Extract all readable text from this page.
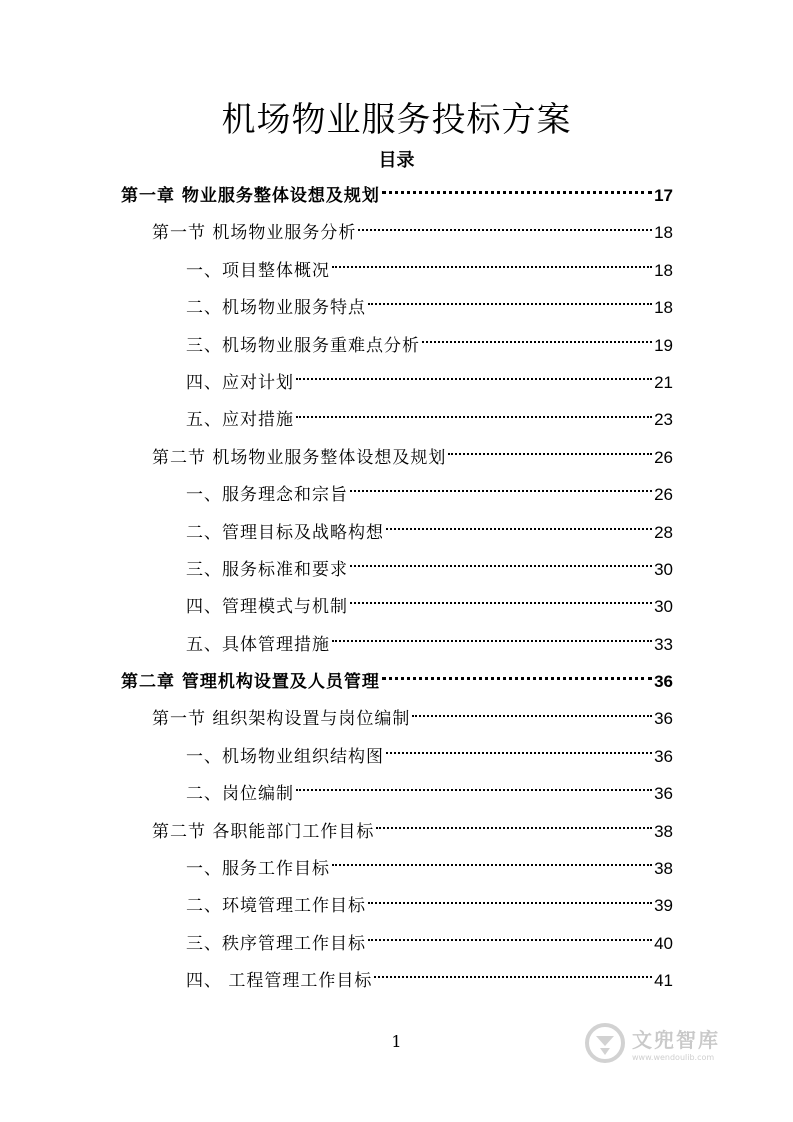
机场物业服务投标方案
目录
第一章 物业服务整体设想及规划	17
第一节 机场物业服务分析	18
一、项目整体概况	18
二、机场物业服务特点	18
三、机场物业服务重难点分析	19
四、应对计划	21
五、应对措施	23
第二节 机场物业服务整体设想及规划	26
一、服务理念和宗旨	26
二、管理目标及战略构想	28
三、服务标准和要求	30
四、管理模式与机制	30
五、具体管理措施	33
第二章 管理机构设置及人员管理	36
第一节 组织架构设置与岗位编制	36
一、机场物业组织结构图	36
二、岗位编制	36
第二节 各职能部门工作目标	38
一、服务工作目标	38
二、环境管理工作目标	39
三、秩序管理工作目标	40
四、 工程管理工作目标	41
1	文兜智库
www.wendoulib.com
